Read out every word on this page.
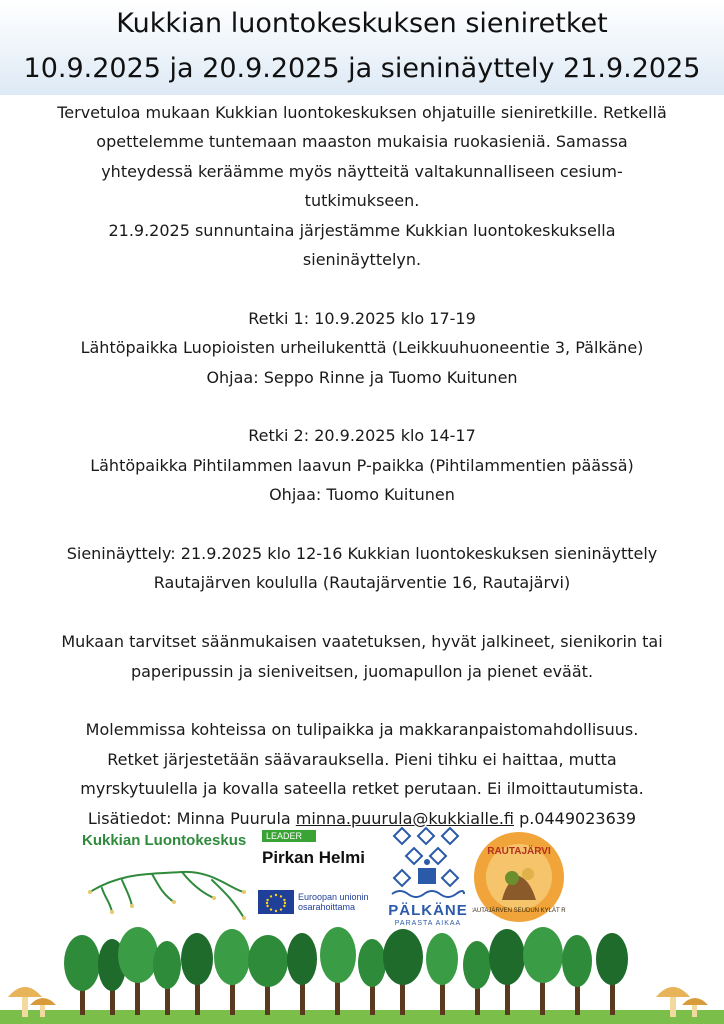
Kukkian luontokeskuksen sieniretket
10.9.2025 ja 20.9.2025 ja sieninäyttely 21.9.2025

Tervetuloa mukaan Kukkian luontokeskuksen ohjatuille sieniretkille. Retkellä

opettelemme tuntemaan maaston mukaisia ruokasieniä. Samassa

yhteydessä keräämme myös näytteitä valtakunnalliseen cesium-

tutkimukseen.

21.9.2025 sunnuntaina järjestämme Kukkian luontokeskuksella

sieninäyttelyn.

Retki 1: 10.9.2025 klo 17-19

Lähtöpaikka Luopioisten urheilukenttä (Leikkuuhuoneentie 3, Pälkäne)

Ohjaa: Seppo Rinne ja Tuomo Kuitunen

Retki 2: 20.9.2025 klo 14-17

Lähtöpaikka Pihtilammen laavun P-paikka (Pihtilammentien päässä)

Ohjaa: Tuomo Kuitunen

Sieninäyttely: 21.9.2025 klo 12-16 Kukkian luontokeskuksen sieninäyttely

Rautajärven koululla (Rautajärventie 16, Rautajärvi)

Mukaan tarvitset säänmukaisen vaatetuksen, hyvät jalkineet, sienikorin tai

paperipussin ja sieniveitsen, juomapullon ja pienet eväät.

Molemmissa kohteissa on tulipaikka ja makkaranpaistomahdollisuus.

Retket järjestetään säävarauksella. Pieni tihku ei haittaa, mutta

myrskytuulella ja kovalla sateella retket perutaan. Ei ilmoittautumista.

Lisätiedot: Minna Puurula minna.puurula@kukkialle.fi p.0449023639

Kukkian Luontokeskus	LEADER
Pirkan Helmi
Euroopan unionin
osarahoittama	PÄLKÄNE
PARASTA AIKAA
RAUTAJÄRVI
RAUTAJÄRVEN SEUDUN KYLÄT RY
